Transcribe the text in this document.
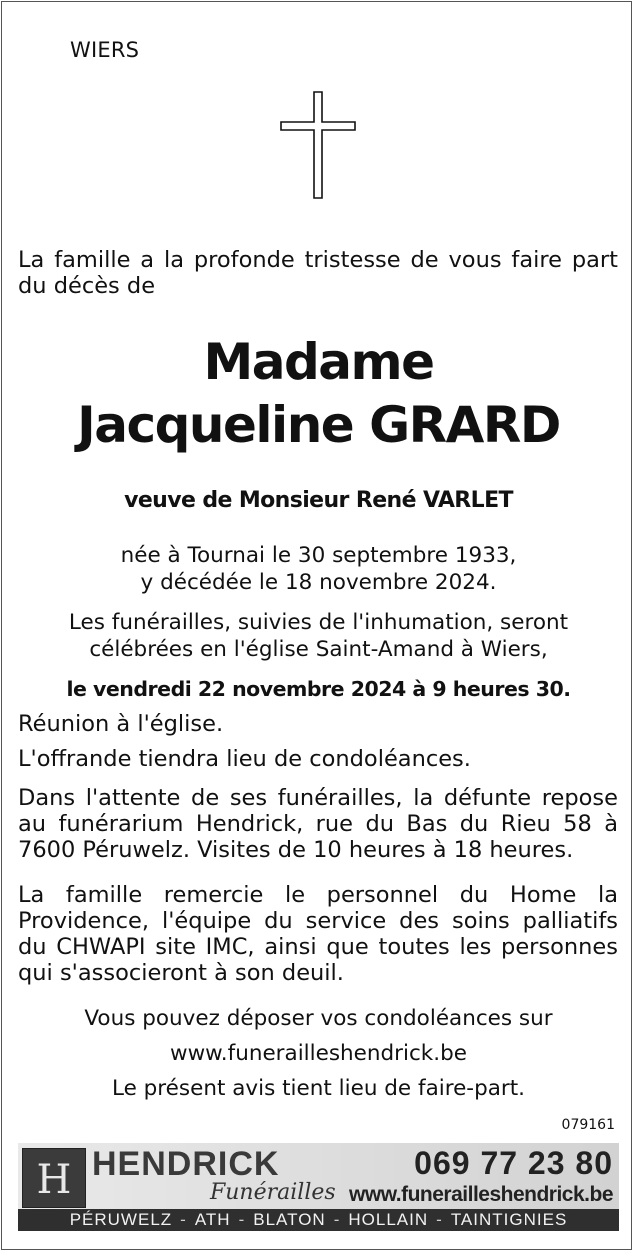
WIERS
La famille a la profonde tristesse de vous faire part du décès de
Madame
Jacqueline GRARD
veuve de Monsieur René VARLET
née à Tournai le 30 septembre 1933,
y décédée le 18 novembre 2024.
Les funérailles, suivies de l'inhumation, seront
célébrées en l'église Saint-Amand à Wiers,
le vendredi 22 novembre 2024 à 9 heures 30.
Réunion à l'église.
L'offrande tiendra lieu de condoléances.
Dans l'attente de ses funérailles, la défunte repose au funérarium Hendrick, rue du Bas du Rieu 58 à 7600 Péruwelz. Visites de 10 heures à 18 heures.
La famille remercie le personnel du Home la Providence, l'équipe du service des soins palliatifs du CHWAPI site IMC, ainsi que toutes les personnes qui s'associeront à son deuil.
Vous pouvez déposer vos condoléances sur
www.funerailleshendrick.be
Le présent avis tient lieu de faire-part.
079161
H HENDRICK
Funérailles
069 77 23 80
www.funerailleshendrick.be
PÉRUWELZ - ATH - BLATON - HOLLAIN - TAINTIGNIES
